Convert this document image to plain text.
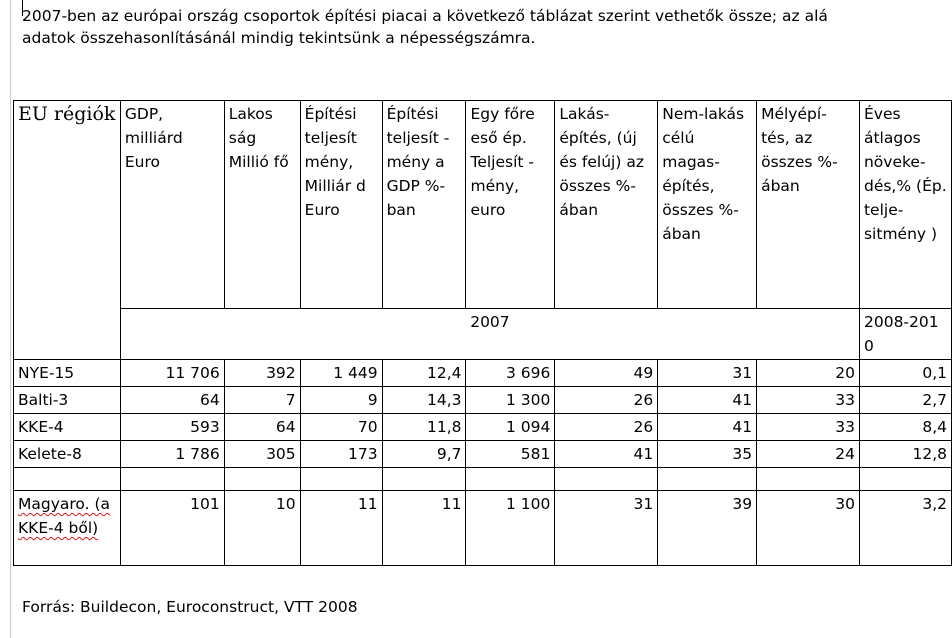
2007-ben az európai ország csoportok építési piacai a következő táblázat szerint vethetők össze; az alá
adatok összehasonlításánál mindig tekintsünk a népességszámra.
EU régiók	GDP, milliárd Euro	Lakos ság Millió fő	Építési teljesít mény, Milliár d Euro	Építési teljesít -mény a GDP %-ban	Egy főre eső ép. Teljesít -mény, euro	Lakás-építés, (új és felúj) az összes %-ában	Nem-lakás célú magas-építés, összes %-ában	Mélyépí-tés, az összes %-ában	Éves átlagos növeke-dés,% (Ép. telje-sitmény )
	2007								2008-2010
NYE-15	11 706	392	1 449	12,4	3 696	49	31	20	0,1
Balti-3	64	7	9	14,3	1 300	26	41	33	2,7
KKE-4	593	64	70	11,8	1 094	26	41	33	8,4
Kelete-8	1 786	305	173	9,7	581	41	35	24	12,8

Magyaro. (a KKE-4 ből)	101	10	11	11	1 100	31	39	30	3,2
Forrás: Buildecon, Euroconstruct, VTT 2008
